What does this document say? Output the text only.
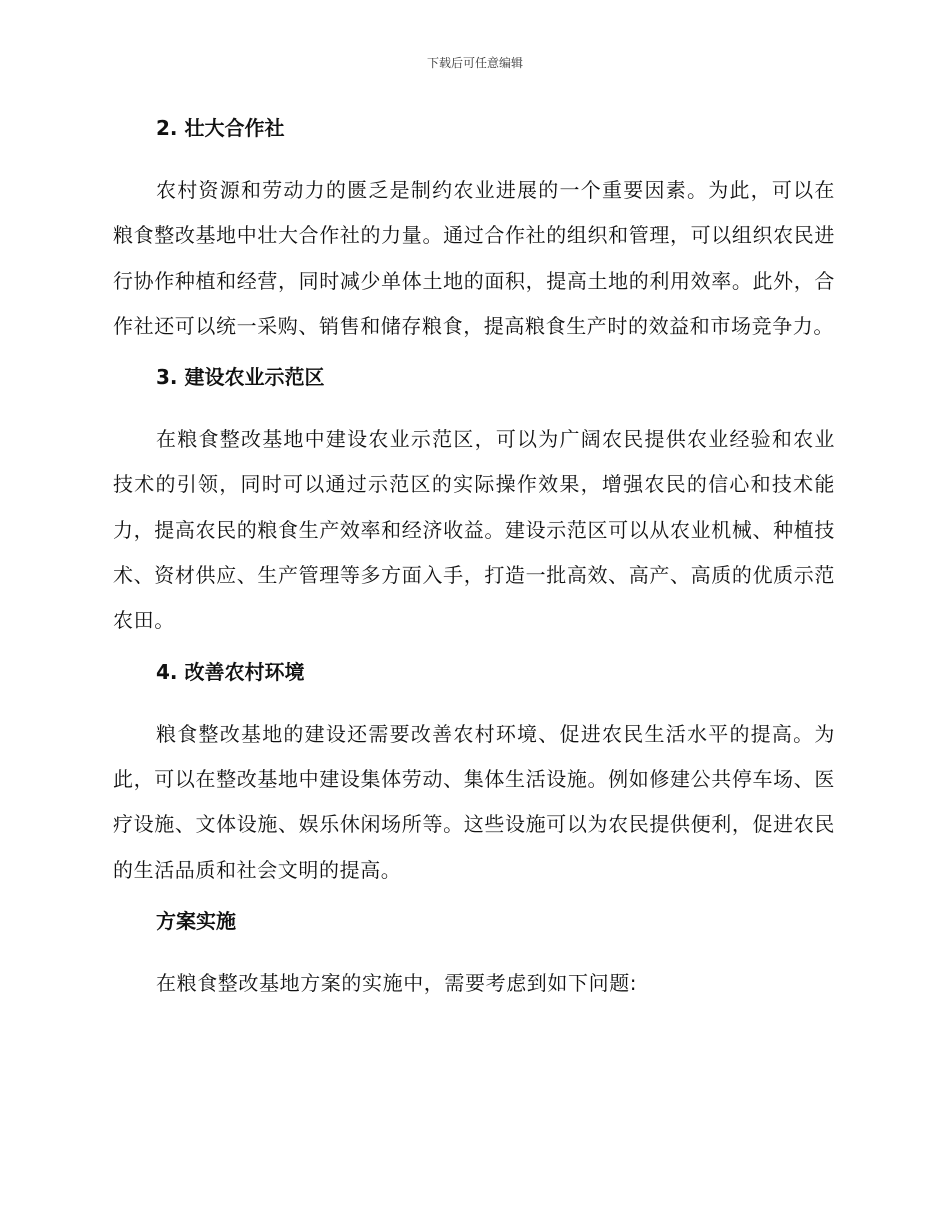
下载后可任意编辑
2. 壮大合作社

农村资源和劳动力的匮乏是制约农业进展的一个重要因素。为此，可以在粮食整改基地中壮大合作社的力量。通过合作社的组织和管理，可以组织农民进行协作种植和经营，同时减少单体土地的面积，提高土地的利用效率。此外，合作社还可以统一采购、销售和储存粮食，提高粮食生产时的效益和市场竞争力。

3. 建设农业示范区

在粮食整改基地中建设农业示范区，可以为广阔农民提供农业经验和农业技术的引领，同时可以通过示范区的实际操作效果，增强农民的信心和技术能力，提高农民的粮食生产效率和经济收益。建设示范区可以从农业机械、种植技术、资材供应、生产管理等多方面入手，打造一批高效、高产、高质的优质示范农田。

4. 改善农村环境

粮食整改基地的建设还需要改善农村环境、促进农民生活水平的提高。为此，可以在整改基地中建设集体劳动、集体生活设施。例如修建公共停车场、医疗设施、文体设施、娱乐休闲场所等。这些设施可以为农民提供便利，促进农民的生活品质和社会文明的提高。

方案实施

在粮食整改基地方案的实施中，需要考虑到如下问题:
